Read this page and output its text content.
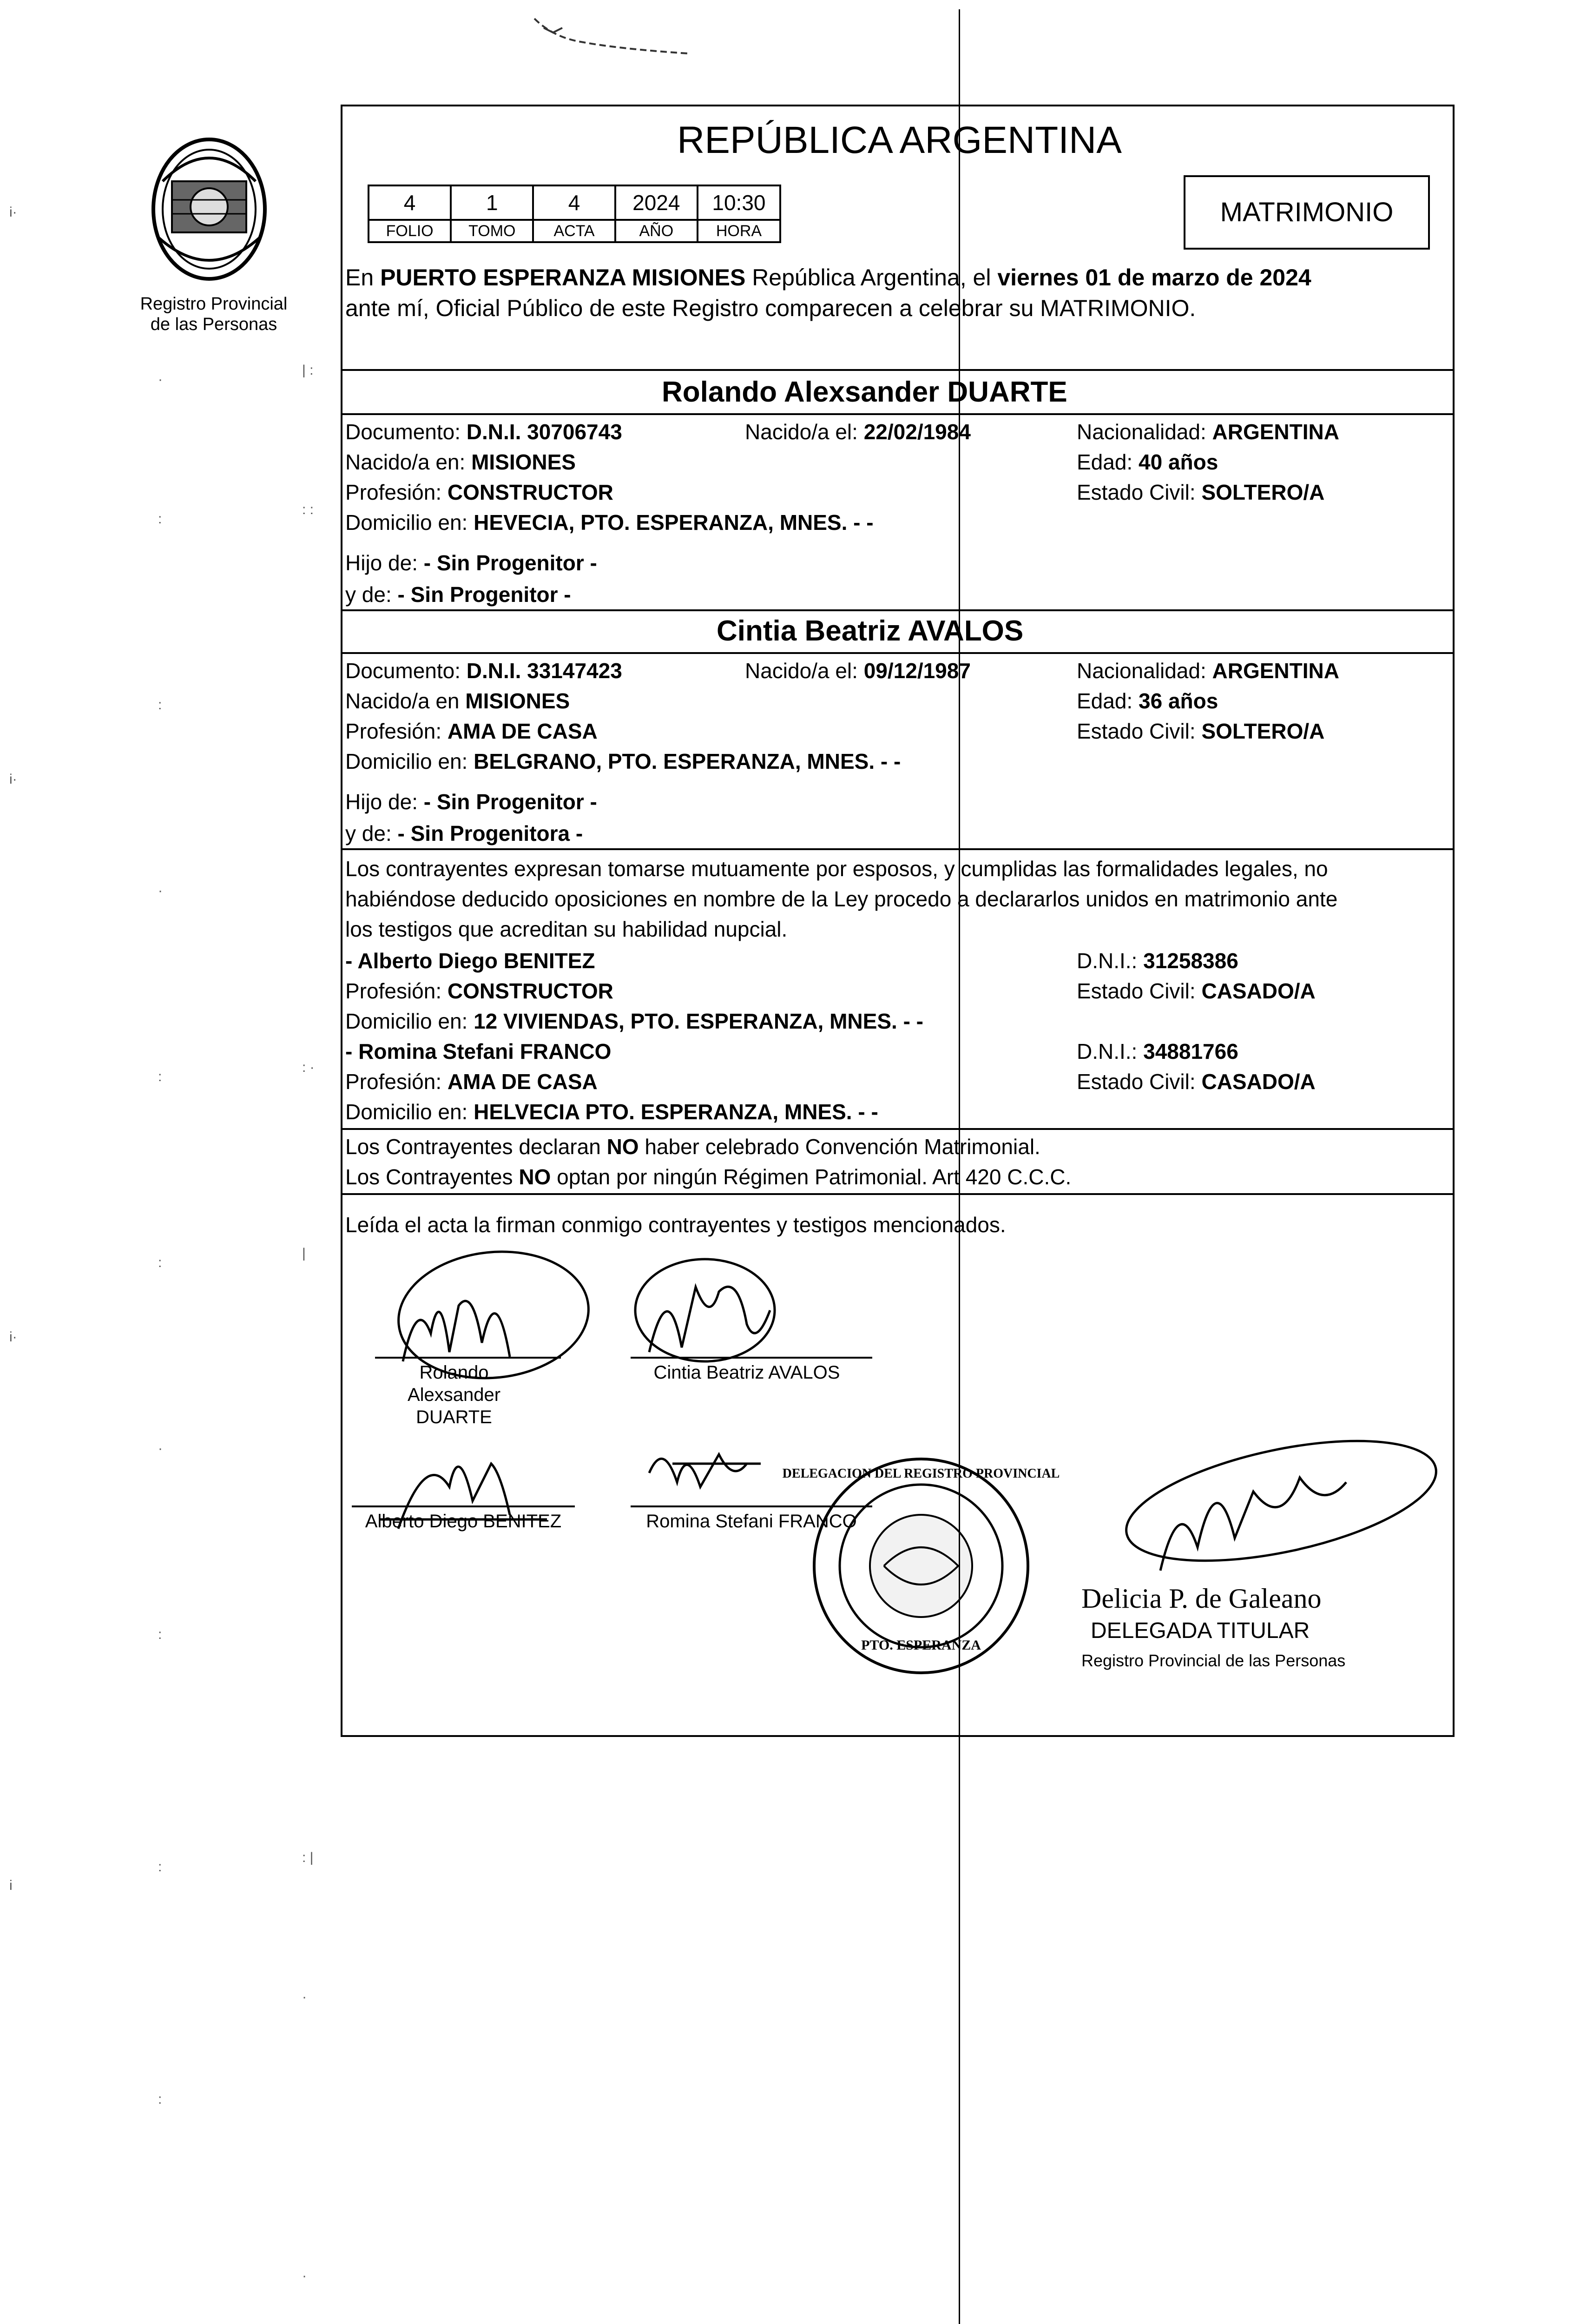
Registro Provincial
de las Personas
REPÚBLICA ARGENTINA
4	1	4	2024	10:30
FOLIO	TOMO	ACTA	AÑO	HORA
MATRIMONIO
En PUERTO ESPERANZA MISIONES República Argentina, el viernes 01 de marzo de 2024
ante mí, Oficial Público de este Registro comparecen a celebrar su MATRIMONIO.
Rolando Alexsander DUARTE
Documento: D.N.I. 30706743	Nacido/a el: 22/02/1984	Nacionalidad: ARGENTINA
Nacido/a en: MISIONES	Edad: 40 años
Profesión: CONSTRUCTOR	Estado Civil: SOLTERO/A
Domicilio en: HEVECIA, PTO. ESPERANZA, MNES. - -
Hijo de: - Sin Progenitor -
y de: - Sin Progenitor -
Cintia Beatriz AVALOS
Documento: D.N.I. 33147423	Nacido/a el: 09/12/1987	Nacionalidad: ARGENTINA
Nacido/a en MISIONES	Edad: 36 años
Profesión: AMA DE CASA	Estado Civil: SOLTERO/A
Domicilio en: BELGRANO, PTO. ESPERANZA, MNES. - -
Hijo de: - Sin Progenitor -
y de: - Sin Progenitora -
Los contrayentes expresan tomarse mutuamente por esposos, y cumplidas las formalidades legales, no
habiéndose deducido oposiciones en nombre de la Ley procedo a declararlos unidos en matrimonio ante
los testigos que acreditan su habilidad nupcial.
- Alberto Diego BENITEZ	D.N.I.: 31258386
Profesión: CONSTRUCTOR	Estado Civil: CASADO/A
Domicilio en: 12 VIVIENDAS, PTO. ESPERANZA, MNES. - -
- Romina Stefani FRANCO	D.N.I.: 34881766
Profesión: AMA DE CASA	Estado Civil: CASADO/A
Domicilio en: HELVECIA PTO. ESPERANZA, MNES. - -
Los Contrayentes declaran NO haber celebrado Convención Matrimonial.
Los Contrayentes NO optan por ningún Régimen Patrimonial. Art 420 C.C.C.
Leída el acta la firman conmigo contrayentes y testigos mencionados.
Rolando Alexsander
DUARTE
Cintia Beatriz AVALOS
Alberto Diego BENITEZ	Romina Stefani FRANCO
DELEGACION DEL REGISTRO PROVINCIAL
PTO. ESPERANZA
Delicia P. de Galeano
DELEGADA TITULAR
Registro Provincial de las Personas
i·
i·
i·
i
·
:
:
·
:
:
·
:
:
:
| :
: :
: ·
|
: |
·
·
